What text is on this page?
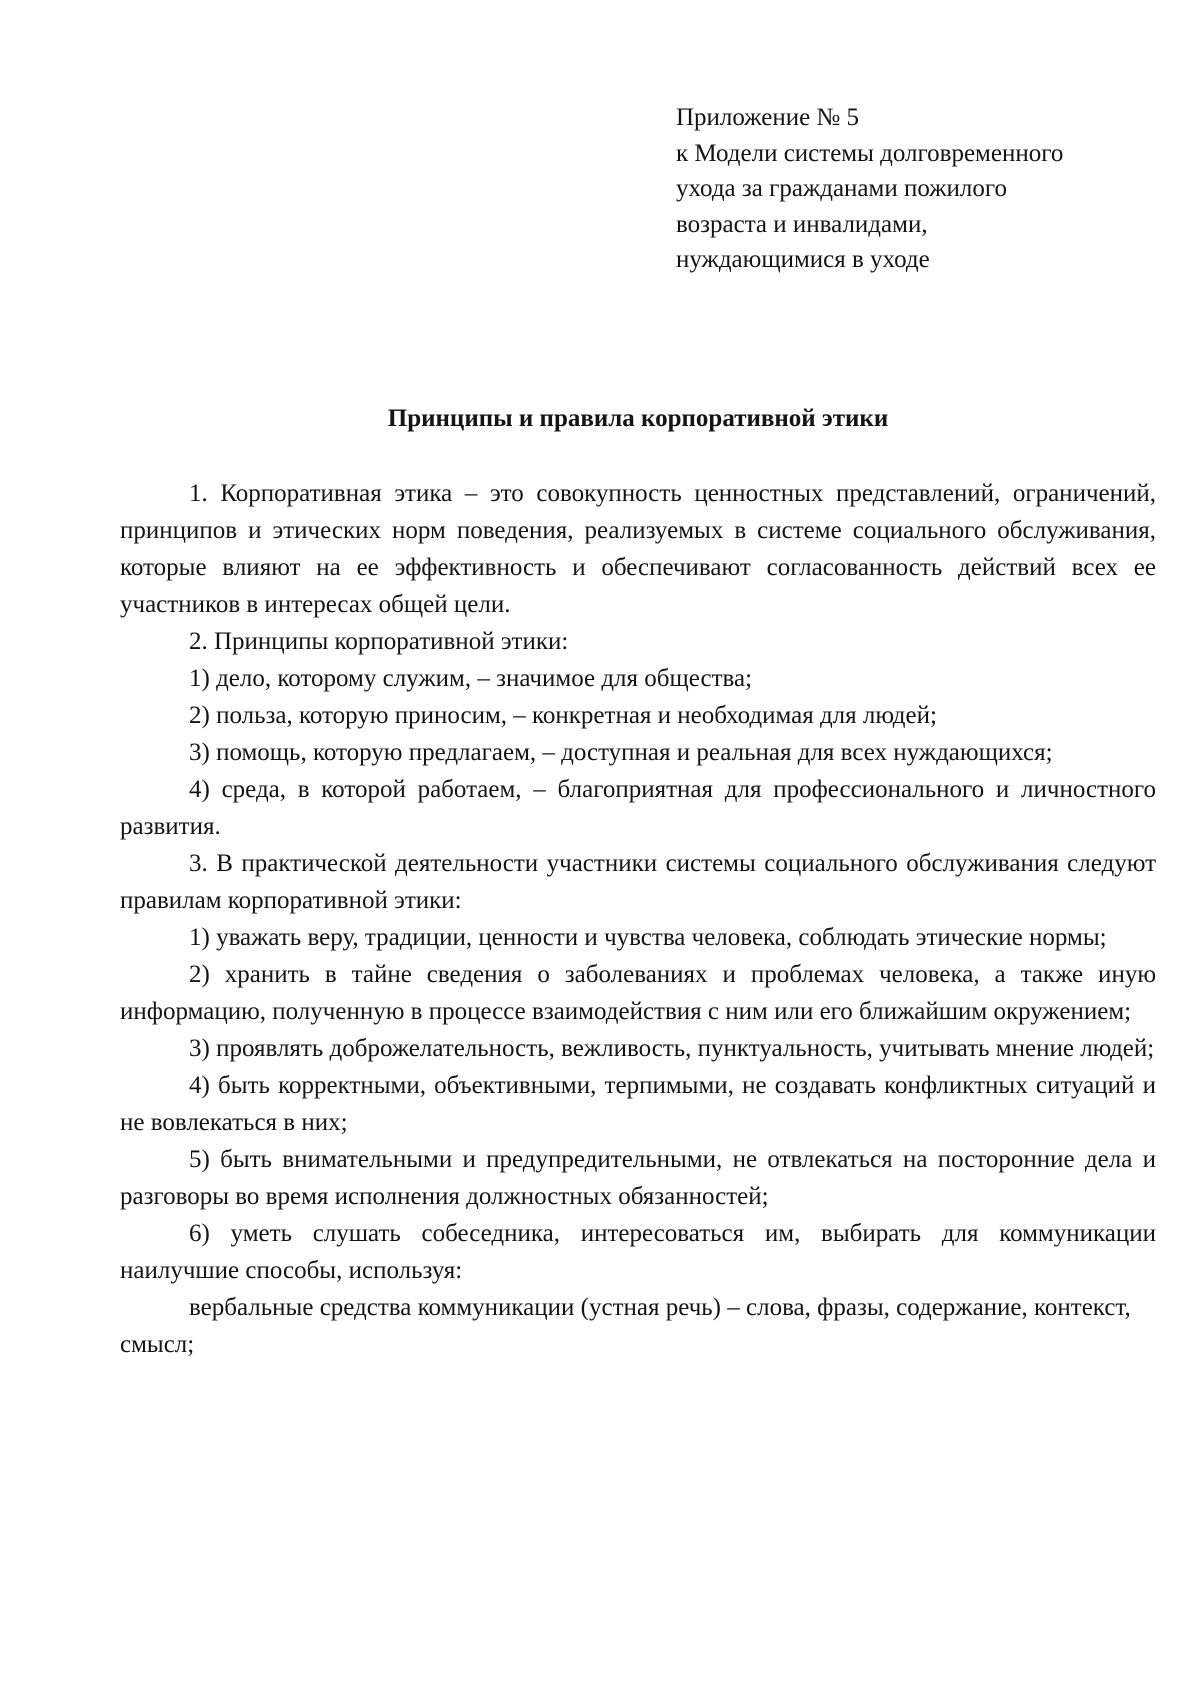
Приложение № 5
к Модели системы долговременного
ухода за гражданами пожилого
возраста и инвалидами,
нуждающимися в уходе
Принципы и правила корпоративной этики

1. Корпоративная этика – это совокупность ценностных представлений, ограничений, принципов и этических норм поведения, реализуемых в системе социального обслуживания, которые влияют на ее эффективность и обеспечивают согласованность действий всех ее участников в интересах общей цели.

2. Принципы корпоративной этики:

1) дело, которому служим, – значимое для общества;

2) польза, которую приносим, – конкретная и необходимая для людей;

3) помощь, которую предлагаем, – доступная и реальная для всех нуждающихся;

4) среда, в которой работаем, – благоприятная для профессионального и личностного развития.

3. В практической деятельности участники системы социального обслуживания следуют правилам корпоративной этики:

1) уважать веру, традиции, ценности и чувства человека, соблюдать этические нормы;

2) хранить в тайне сведения о заболеваниях и проблемах человека, а также иную информацию, полученную в процессе взаимодействия с ним или его ближайшим окружением;

3) проявлять доброжелательность, вежливость, пунктуальность, учитывать мнение людей;

4) быть корректными, объективными, терпимыми, не создавать конфликтных ситуаций и не вовлекаться в них;

5) быть внимательными и предупредительными, не отвлекаться на посторонние дела и разговоры во время исполнения должностных обязанностей;

6) уметь слушать собеседника, интересоваться им, выбирать для коммуникации наилучшие способы, используя:

вербальные средства коммуникации (устная речь) – слова, фразы, содержание, контекст, смысл;
